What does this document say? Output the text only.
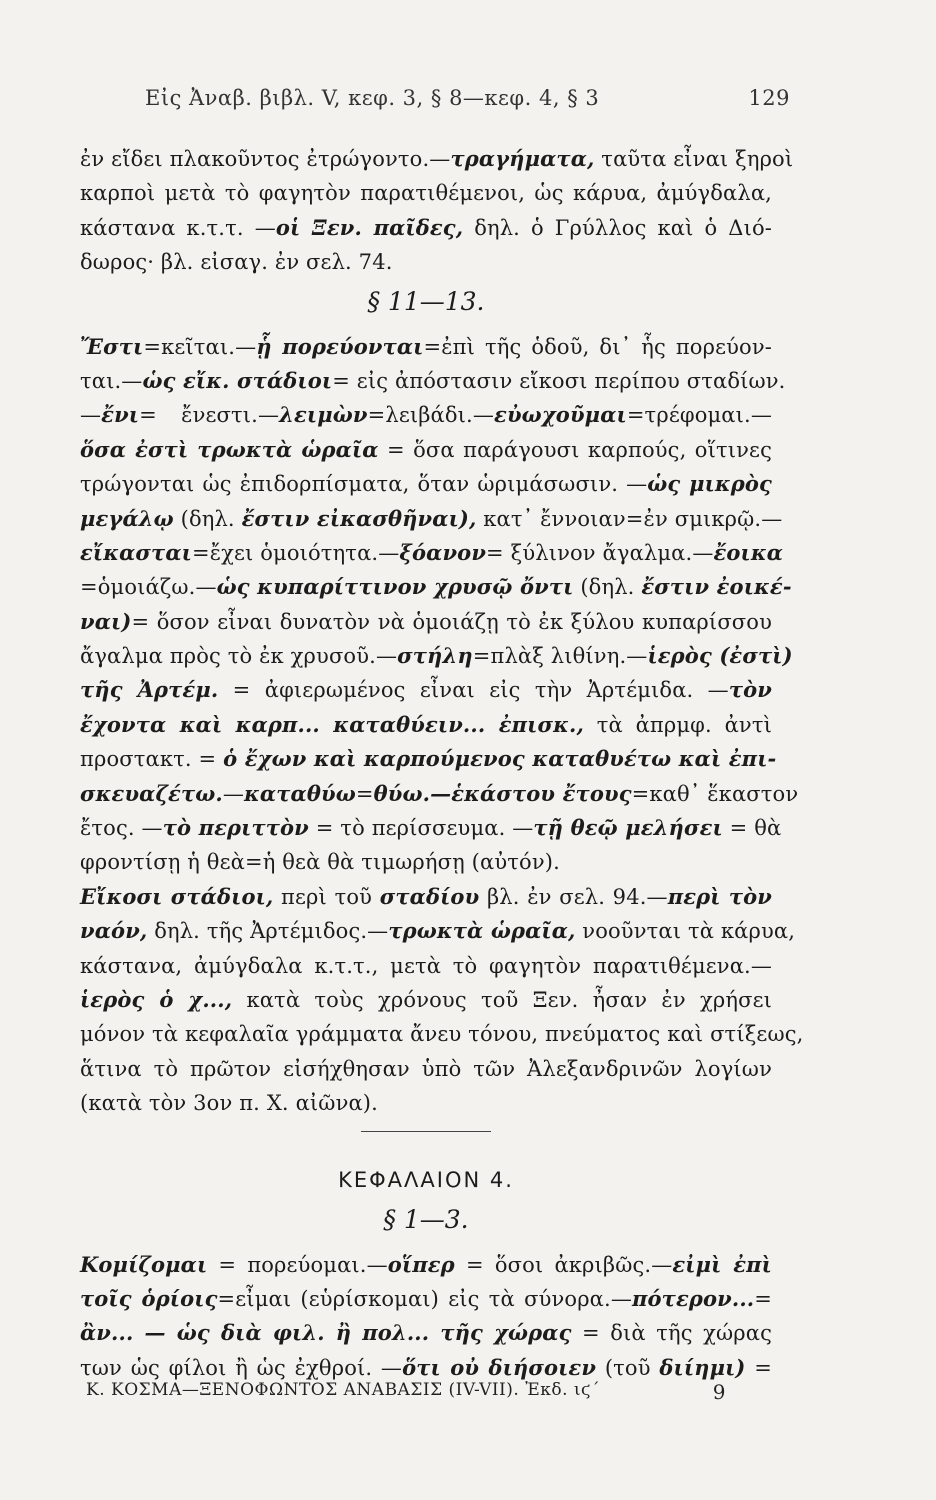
Εἰς Ἀναβ. βιβλ. V, κεφ. 3, § 8—κεφ. 4, § 3	129
ἐν εἴδει πλακοῦντος ἐτρώγοντο.—τραγήματα, ταῦτα εἶναι ξηροὶ
καρποὶ μετὰ τὸ φαγητὸν παρατιθέμενοι, ὡς κάρυα, ἀμύγδαλα,
κάστανα κ.τ.τ. —οἱ Ξεν. παῖδες, δηλ. ὁ Γρύλλος καὶ ὁ Διό-
δωρος· βλ. εἰσαγ. ἐν σελ. 74.
§ 11—13.
Ἔστι=κεῖται.—ᾗ πορεύονται=ἐπὶ τῆς ὁδοῦ, δι᾽ ἧς πορεύον-
ται.—ὡς εἴκ. στάδιοι= εἰς ἀπόστασιν εἴκοσι περίπου σταδίων.
—ἔνι= ἔνεστι.—λειμὼν=λειβάδι.—εὐωχοῦμαι=τρέφομαι.—
ὅσα ἐστὶ τρωκτὰ ὡραῖα = ὅσα παράγουσι καρπούς, οἵτινες
τρώγονται ὡς ἐπιδορπίσματα, ὅταν ὡριμάσωσιν. —ὡς μικρὸς
μεγάλῳ (δηλ. ἔστιν εἰκασθῆναι), κατ᾽ ἔννοιαν=ἐν σμικρῷ.—
εἴκασται=ἔχει ὁμοιότητα.—ξόανον= ξύλινον ἄγαλμα.—ἔοικα
=ὁμοιάζω.—ὡς κυπαρίττινον χρυσῷ ὄντι (δηλ. ἔστιν ἐοικέ-
ναι)= ὅσον εἶναι δυνατὸν νὰ ὁμοιάζῃ τὸ ἐκ ξύλου κυπαρίσσου
ἄγαλμα πρὸς τὸ ἐκ χρυσοῦ.—στήλη=πλὰξ λιθίνη.—ἱερὸς (ἐστὶ)
τῆς Ἀρτέμ. = ἀφιερωμένος εἶναι εἰς τὴν Ἀρτέμιδα. —τὸν
ἔχοντα καὶ καρπ... καταθύειν... ἐπισκ., τὰ ἀπρμφ. ἀντὶ
προστακτ. = ὁ ἔχων καὶ καρπούμενος καταθυέτω καὶ ἐπι-
σκευαζέτω.—καταθύω=θύω.—ἑκάστου ἔτους=καθ᾽ ἕκαστον
ἔτος. —τὸ περιττὸν = τὸ περίσσευμα. —τῇ θεῷ μελήσει = θὰ
φροντίσῃ ἡ θεὰ=ἡ θεὰ θὰ τιμωρήσῃ (αὐτόν).
Εἴκοσι στάδιοι, περὶ τοῦ σταδίου βλ. ἐν σελ. 94.—περὶ τὸν
ναόν, δηλ. τῆς Ἀρτέμιδος.—τρωκτὰ ὡραῖα, νοοῦνται τὰ κάρυα,
κάστανα, ἀμύγδαλα κ.τ.τ., μετὰ τὸ φαγητὸν παρατιθέμενα.—
ἱερὸς ὁ χ..., κατὰ τοὺς χρόνους τοῦ Ξεν. ἦσαν ἐν χρήσει
μόνον τὰ κεφαλαῖα γράμματα ἄνευ τόνου, πνεύματος καὶ στίξεως,
ἅτινα τὸ πρῶτον εἰσήχθησαν ὑπὸ τῶν Ἀλεξανδρινῶν λογίων
(κατὰ τὸν 3ον π. Χ. αἰῶνα).
ΚΕΦΑΛΑΙΟΝ 4.
§ 1—3.
Κομίζομαι = πορεύομαι.—οἵπερ = ὅσοι ἀκριβῶς.—εἰμὶ ἐπὶ
τοῖς ὁρίοις=εἶμαι (εὑρίσκομαι) εἰς τὰ σύνορα.—πότερον...=
ἂν... — ὡς διὰ φιλ. ἢ πολ... τῆς χώρας = διὰ τῆς χώρας
των ὡς φίλοι ἢ ὡς ἐχθροί. —ὅτι οὐ διήσοιεν (τοῦ διίημι) =
Κ. ΚΟΣΜΑ—ΞΕΝΟΦΩΝΤΟΣ ΑΝΑΒΑΣΙΣ (IV-VII). Ἐκδ. ιϛ´	9
